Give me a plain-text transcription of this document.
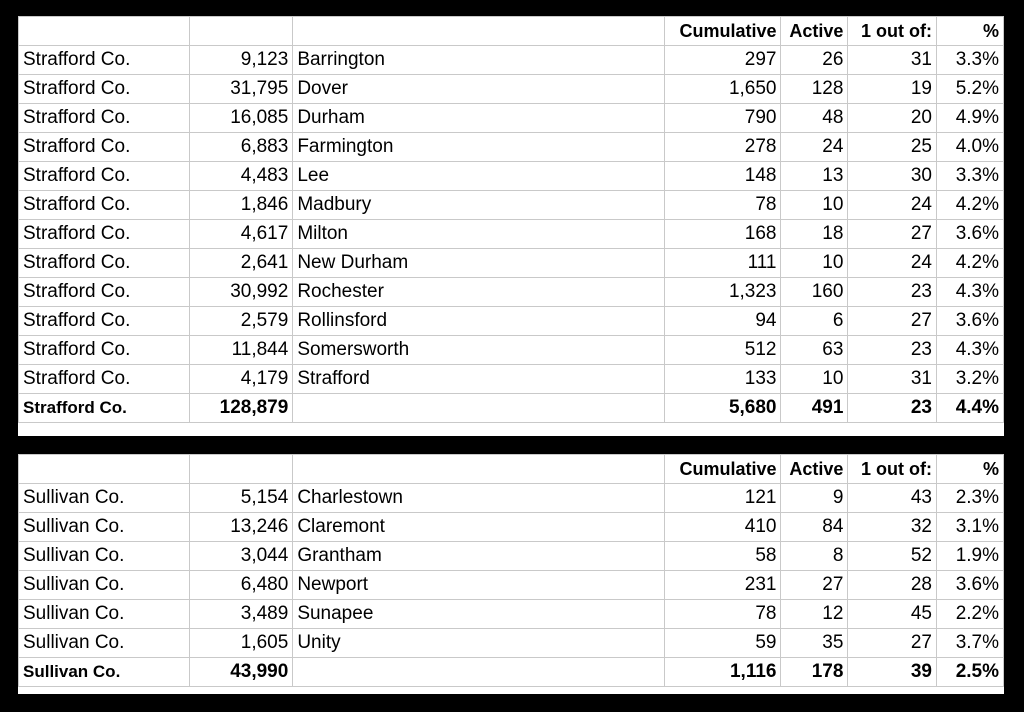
			Cumulative	Active	1 out of:	%
Strafford Co.	9,123	Barrington	297	26	31	3.3%
Strafford Co.	31,795	Dover	1,650	128	19	5.2%
Strafford Co.	16,085	Durham	790	48	20	4.9%
Strafford Co.	6,883	Farmington	278	24	25	4.0%
Strafford Co.	4,483	Lee	148	13	30	3.3%
Strafford Co.	1,846	Madbury	78	10	24	4.2%
Strafford Co.	4,617	Milton	168	18	27	3.6%
Strafford Co.	2,641	New Durham	111	10	24	4.2%
Strafford Co.	30,992	Rochester	1,323	160	23	4.3%
Strafford Co.	2,579	Rollinsford	94	6	27	3.6%
Strafford Co.	11,844	Somersworth	512	63	23	4.3%
Strafford Co.	4,179	Strafford	133	10	31	3.2%
Strafford Co.	128,879		5,680	491	23	4.4%
			Cumulative	Active	1 out of:	%
Sullivan Co.	5,154	Charlestown	121	9	43	2.3%
Sullivan Co.	13,246	Claremont	410	84	32	3.1%
Sullivan Co.	3,044	Grantham	58	8	52	1.9%
Sullivan Co.	6,480	Newport	231	27	28	3.6%
Sullivan Co.	3,489	Sunapee	78	12	45	2.2%
Sullivan Co.	1,605	Unity	59	35	27	3.7%
Sullivan Co.	43,990		1,116	178	39	2.5%
